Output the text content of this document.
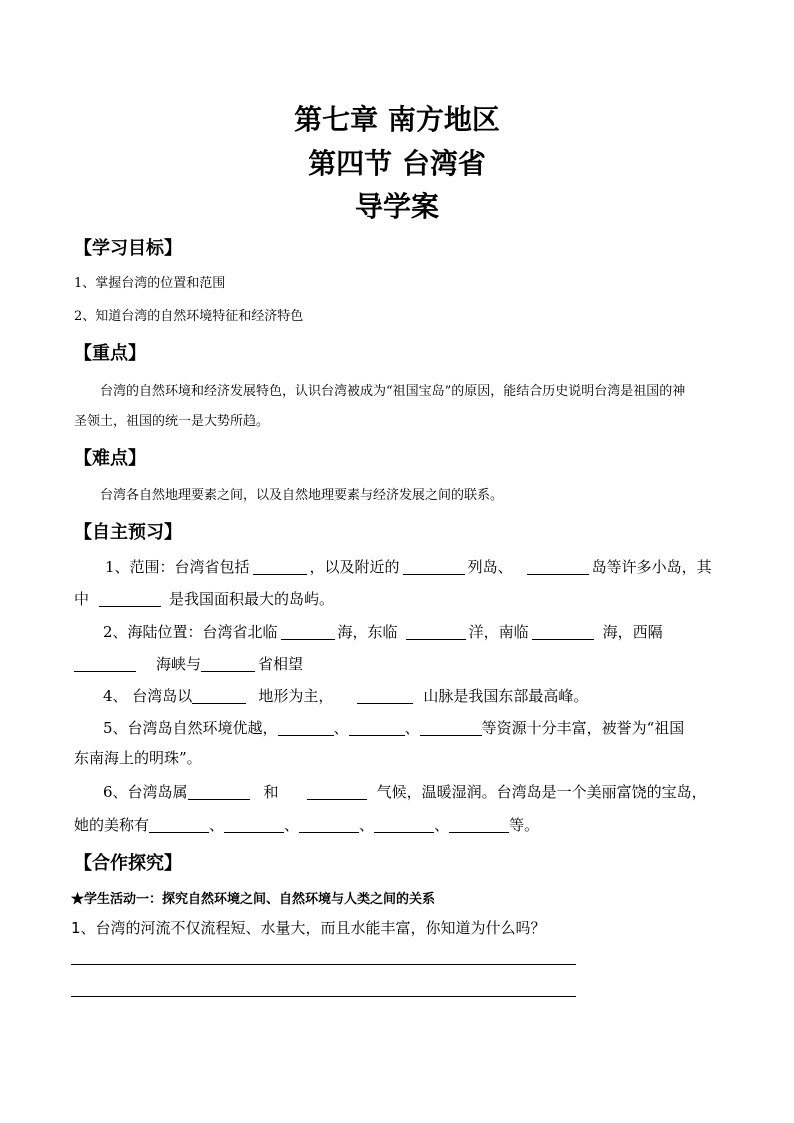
第七章 南方地区
第四节 台湾省
导学案
【学习目标】
1、掌握台湾的位置和范围
2、知道台湾的自然环境特征和经济特色
【重点】
台湾的自然环境和经济发展特色，认识台湾被成为“祖国宝岛”的原因，能结合历史说明台湾是祖国的神
圣领土，祖国的统一是大势所趋。
【难点】
台湾各自然地理要素之间，以及自然地理要素与经济发展之间的联系。
【自主预习】
1、范围：台湾省包括	，以及附近的	列岛、	岛等许多小岛，其
中	是我国面积最大的岛屿。
2、海陆位置：台湾省北临	海，东临	洋，南临	海，西隔
海峡与	省相望
4、 台湾岛以	地形为主，	山脉是我国东部最高峰。
5、台湾岛自然环境优越，	、	、	等资源十分丰富，被誉为“祖国
东南海上的明珠”。
6、台湾岛属	和	气候，温暖湿润。台湾岛是一个美丽富饶的宝岛，
她的美称有	、	、	、	、	等。
【合作探究】
★学生活动一：探究自然环境之间、自然环境与人类之间的关系
1、台湾的河流不仅流程短、水量大，而且水能丰富，你知道为什么吗？
